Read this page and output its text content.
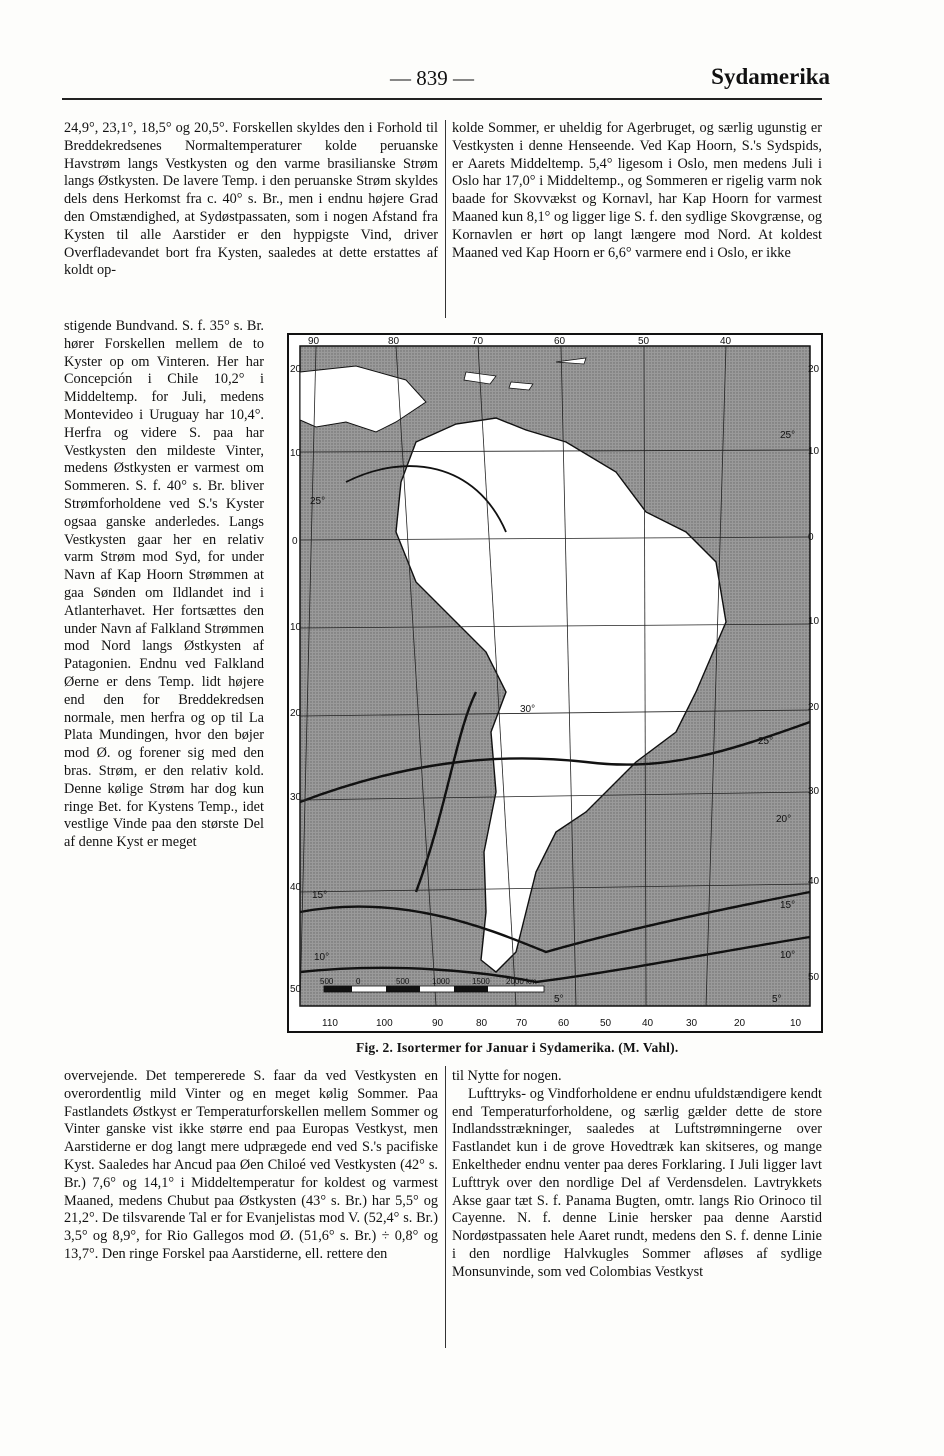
— 839 —	Sydamerika

24,9°, 23,1°, 18,5° og 20,5°. Forskellen skyldes den i Forhold til Breddekredsenes Normaltemperaturer kolde peruanske Havstrøm langs Vestkysten og den varme brasilianske Strøm langs Østkysten. De lavere Temp. i den peruanske Strøm skyldes dels dens Herkomst fra c. 40° s. Br., men i endnu højere Grad den Omstændighed, at Sydøstpassaten, som i nogen Afstand fra Kysten til alle Aarstider er den hyppigste Vind, driver Overfladevandet bort fra Kysten, saaledes at dette erstattes af koldt op-

kolde Sommer, er uheldig for Agerbruget, og særlig ugunstig er Vestkysten i denne Henseende. Ved Kap Hoorn, S.'s Sydspids, er Aarets Middeltemp. 5,4° ligesom i Oslo, men medens Juli i Oslo har 17,0° i Middeltemp., og Sommeren er rigelig varm nok baade for Skovvækst og Kornavl, har Kap Hoorn for varmest Maaned kun 8,1° og ligger lige S. f. den sydlige Skovgrænse, og Kornavlen er hørt op langt længere mod Nord. At koldest Maaned ved Kap Hoorn er 6,6° varmere end i Oslo, er ikke

stigende Bundvand. S. f. 35° s. Br. hører Forskellen mellem de to Kyster op om Vinteren. Her har Concepción i Chile 10,2° i Middeltemp. for Juli, medens Montevideo i Uruguay har 10,4°. Herfra og videre S. paa har Vestkysten den mildeste Vinter, medens Østkysten er varmest om Sommeren. S. f. 40° s. Br. bliver Strømforholdene ved S.'s Kyster ogsaa ganske anderledes. Langs Vestkysten gaar her en relativ varm Strøm mod Syd, for under Navn af Kap Hoorn Strømmen at gaa Sønden om Ildlandet ind i Atlanterhavet. Her fortsættes den under Navn af Falkland Strømmen mod Nord langs Østkysten af Patagonien. Endnu ved Falkland Øerne er dens Temp. lidt højere end den for Breddekredsen normale, men herfra og op til La Plata Mundingen, hvor den bøjer mod Ø. og forener sig med den bras. Strøm, er den relativ kold. Denne kølige Strøm har dog kun ringe Bet. for Kystens Temp., idet vestlige Vinde paa den største Del af denne Kyst er meget

90	80	70	60	50	40
110	100	90	80	70	60	50	40	30	20	10
20
10
0
10
20
30
40
50
20
10
0
10
20
30
40
50
25°
25°
30°
25°
20°
15°
10°
5°
15°
10°
5°
500	0	500	1000	1500 2000 km
Fig. 2. Isortermer for Januar i Sydamerika. (M. Vahl).

overvejende. Det tempererede S. faar da ved Vestkysten en overordentlig mild Vinter og en meget kølig Sommer. Paa Fastlandets Østkyst er Temperaturforskellen mellem Sommer og Vinter ganske vist ikke større end paa Europas Vestkyst, men Aarstiderne er dog langt mere udprægede end ved S.'s pacifiske Kyst. Saaledes har Ancud paa Øen Chiloé ved Vestkysten (42° s. Br.) 7,6° og 14,1° i Middeltemperatur for koldest og varmest Maaned, medens Chubut paa Østkysten (43° s. Br.) har 5,5° og 21,2°. De tilsvarende Tal er for Evanjelistas mod V. (52,4° s. Br.) 3,5° og 8,9°, for Rio Gallegos mod Ø. (51,6° s. Br.) ÷ 0,8° og 13,7°. Den ringe Forskel paa Aarstiderne, ell. rettere den

til Nytte for nogen.

Lufttryks- og Vindforholdene er endnu ufuldstændigere kendt end Temperaturforholdene, og særlig gælder dette de store Indlandsstrækninger, saaledes at Luftstrømningerne over Fastlandet kun i de grove Hovedtræk kan skitseres, og mange Enkeltheder endnu venter paa deres Forklaring. I Juli ligger lavt Lufttryk over den nordlige Del af Verdensdelen. Lavtrykkets Akse gaar tæt S. f. Panama Bugten, omtr. langs Rio Orinoco til Cayenne. N. f. denne Linie hersker paa denne Aarstid Nordøstpassaten hele Aaret rundt, medens den S. f. denne Linie i den nordlige Halvkugles Sommer afløses af sydlige Monsunvinde, som ved Colombias Vestkyst
